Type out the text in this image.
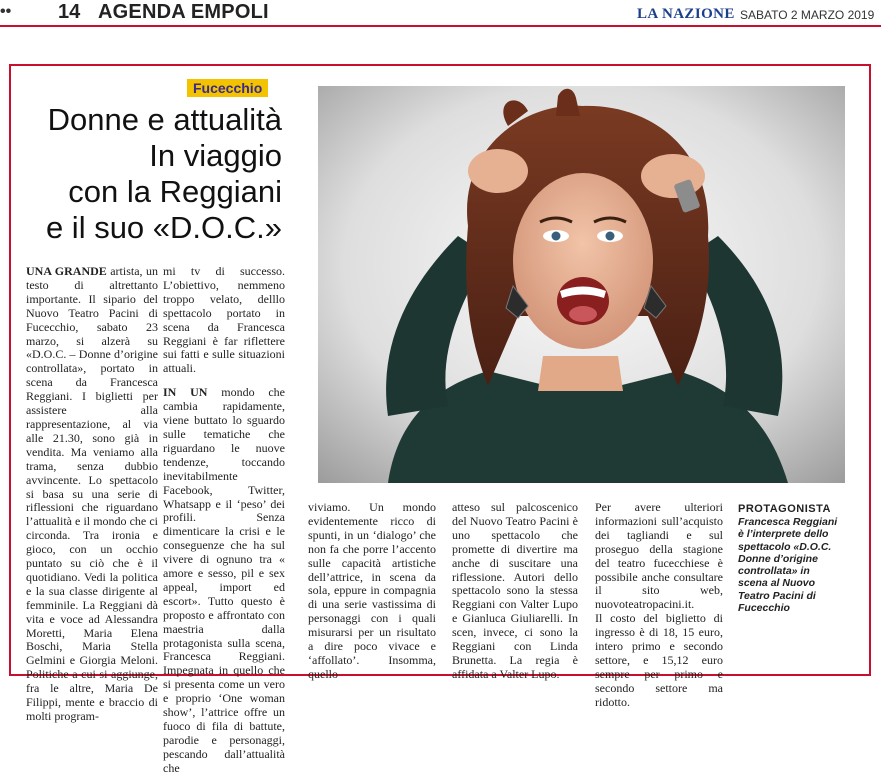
•• 14 AGENDA EMPOLI	LA NAZIONE SABATO 2 MARZO 2019
Fucecchio
Donne e attualità
In viaggio
con la Reggiani
e il suo «D.O.C.»

UNA GRANDE artista, un testo di altrettanto importante. Il sipario del Nuovo Teatro Pacini di Fucecchio, sabato 23 marzo, si alzerà su «D.O.C. – Donne d’origine controllata», portato in scena da Francesca Reggiani. I biglietti per assistere alla rappresentazione, al via alle 21.30, sono già in vendita. Ma veniamo alla trama, senza dubbio avvincente. Lo spettacolo si basa su una serie di riflessioni che riguardano l’attualità e il mondo che ci circonda. Tra ironia e gioco, con un occhio puntato su ciò che è il quotidiano. Vedi la politica e la sua classe dirigente al femminile. La Reggiani dà vita e voce ad Alessandra Moretti, Maria Elena Boschi, Maria Stella Gelmini e Giorgia Meloni. Politiche a cui si aggiunge, fra le altre, Maria De Filippi, mente e braccio di molti program-

mi tv di successo. L’obiettivo, nemmeno troppo velato, delllo spettacolo portato in scena da Francesca Reggiani è far riflettere sui fatti e sulle situazioni attuali.

IN UN mondo che cambia rapidamente, viene buttato lo sguardo sulle tematiche che riguardano le nuove tendenze, toccando inevitabilmente Facebook, Twitter, Whatsapp e il ‘peso’ dei profili. Senza dimenticare la crisi e le conseguenze che ha sul vivere di ognuno tra « amore e sesso, pil e sex appeal, import ed escort». Tutto questo è proposto e affrontato con maestria dalla protagonista sulla scena, Francesca Reggiani. Impegnata in quello che si presenta come un vero e proprio ‘One woman show’, l’attrice offre un fuoco di fila di battute, parodie e personaggi, pescando dall’attualità che

viviamo. Un mondo evidentemente ricco di spunti, in un ‘dialogo’ che non fa che porre l’accento sulle capacità artistiche dell’attrice, in scena da sola, eppure in compagnia di una serie vastissima di personaggi con i quali misurarsi per un risultato a dire poco vivace e ‘affollato’. Insomma, quello

atteso sul palcoscenico del Nuovo Teatro Pacini è uno spettacolo che promette di divertire ma anche di suscitare una riflessione. Autori dello spettacolo sono la stessa Reggiani con Valter Lupo e Gianluca Giuliarelli. In scen, invece, ci sono la Reggiani con Linda Brunetta. La regia è affidata a Valter Lupo.

Per avere ulteriori informazioni sull’acquisto dei tagliandi e sul proseguo della stagione del teatro fucecchiese è possibile anche consultare il sito web, nuovoteatropacini.it.

Il costo del biglietto di ingresso è di 18, 15 euro, intero primo e secondo settore, e 15,12 euro sempre per primo e secondo settore ma ridotto.

PROTAGONISTA
Francesca Reggiani è l’interprete dello spettacolo «D.O.C. Donne d’origine controllata» in scena al Nuovo Teatro Pacini di Fucecchio
